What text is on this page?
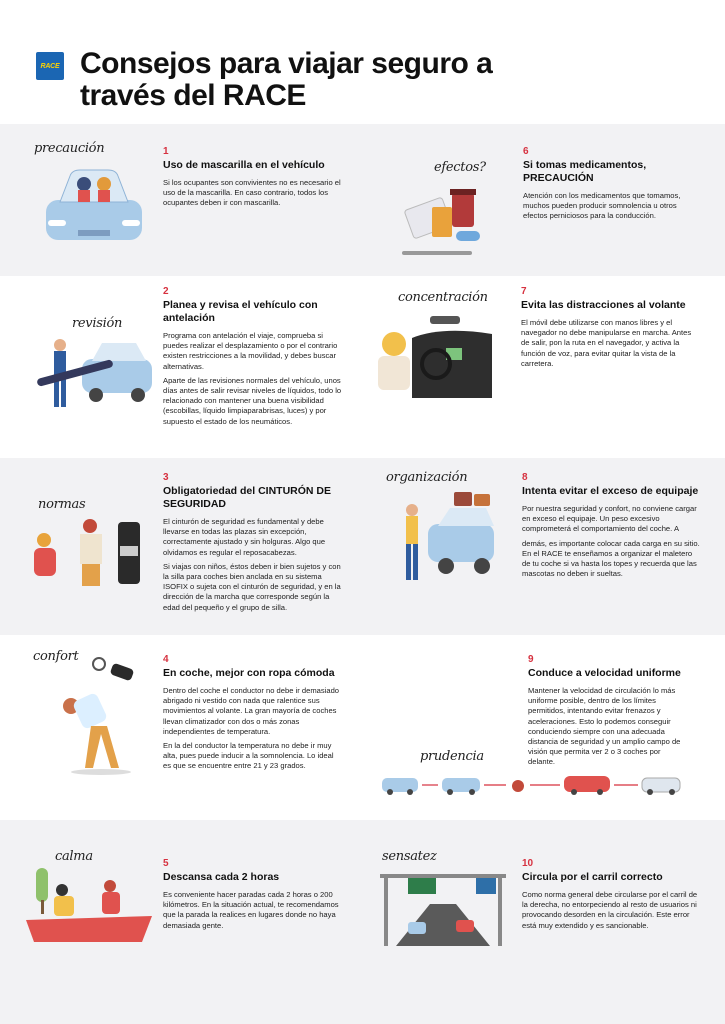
RACE Consejos para viajar seguro a través del RACE
precaución	1
Uso de mascarilla en el vehículo
Si los ocupantes son convivientes no es necesario el uso de la mascarilla. En caso contrario, todos los ocupantes deben ir con mascarilla.
efectos?
6
Si tomas medicamentos, PRECAUCIÓN
Atención con los medicamentos que tomamos, muchos pueden producir somnolencia u otros efectos perniciosos para la conducción.
revisión
2
Planea y revisa el vehículo con antelación
Programa con antelación el viaje, comprueba si puedes realizar el desplazamiento o por el contrario existen restricciones a la movilidad, y debes buscar alternativas.
Aparte de las revisiones normales del vehículo, unos días antes de salir revisar niveles de líquidos, todo lo relacionado con mantener una buena visibilidad (escobillas, líquido limpiaparabrisas, luces) y por supuesto el estado de los neumáticos.
concentración	7
Evita las distracciones al volante
El móvil debe utilizarse con manos libres y el navegador no debe manipularse en marcha. Antes de salir, pon la ruta en el navegador, y activa la función de voz, para evitar quitar la vista de la carretera.
normas
3
Obligatoriedad del CINTURÓN DE SEGURIDAD
El cinturón de seguridad es fundamental y debe llevarse en todas las plazas sin excepción, correctamente ajustado y sin holguras. Algo que olvidamos es regular el reposacabezas.
Si viajas con niños, éstos deben ir bien sujetos y con la silla para coches bien anclada en su sistema ISOFIX o sujeta con el cinturón de seguridad, y en la dirección de la marcha que corresponde según la edad del pequeño y el grupo de silla.
organización	8
Intenta evitar el exceso de equipaje
Por nuestra seguridad y confort, no conviene cargar en exceso el equipaje. Un peso excesivo comprometerá el comportamiento del coche. A
demás, es importante colocar cada carga en su sitio. En el RACE te enseñamos a organizar el maletero de tu coche si va hasta los topes y recuerda que las mascotas no deben ir sueltas.
confort	4
En coche, mejor con ropa cómoda
Dentro del coche el conductor no debe ir demasiado abrigado ni vestido con nada que ralentice sus movimientos al volante. La gran mayoría de coches llevan climatizador con dos o más zonas independientes de temperatura.
En la del conductor la temperatura no debe ir muy alta, pues puede inducir a la somnolencia. Lo ideal es que se encuentre entre 21 y 23 grados.
9
Conduce a velocidad uniforme
Mantener la velocidad de circulación lo más uniforme posible, dentro de los límites permitidos, intentando evitar frenazos y aceleraciones. Esto lo podemos conseguir conduciendo siempre con una adecuada distancia de seguridad y un amplio campo de visión que permita ver 2 o 3 coches por delante.
prudencia
calma	5
Descansa cada 2 horas
Es conveniente hacer paradas cada 2 horas o 200 kilómetros. En la situación actual, te recomendamos que la parada la realices en lugares donde no haya demasiada gente.
sensatez	10
Circula por el carril correcto
Como norma general debe circularse por el carril de la derecha, no entorpeciendo al resto de usuarios ni provocando desorden en la circulación. Este error está muy extendido y es sancionable.
